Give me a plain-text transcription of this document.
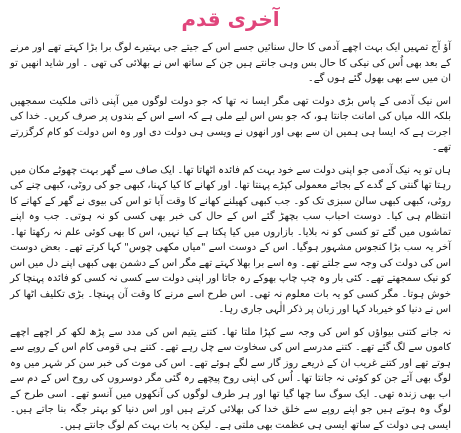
آخری قدم

آؤ آج تمہیں ایک بہت اچھے آدمی کا حال سنائیں جسے اس کے جیتے جی بہتیرے لوگ برا بڑا کہتے تھے اور مرنے کے بعد بھی اُس کی نیکی کا حال بس وہی جانتے ہیں جن کے ساتھ اس نے بھلائی کی تھی ۔ اور شاید انھیں تو ان میں سے بھی بھول گئے ہوں گے۔

اس نیک آدمی کے پاس بڑی دولت تھی مگر ایسا نہ تھا کہ جو دولت لوگوں میں آپنی ذاتی ملکیت سمجھیں بلکہ اللہ میاں کی امانت جانتا ہو، کہ جو بس اس لیے ملی ہے کہ اسے اس کے بندوں پر صرف کریں۔ خدا کی اجرت ہے کہ ایسا ہی ہمیں ان سے بھی اور انھوں نے ویسی ہی دولت دی اور وہ اس دولت کو کام کرگزرتے تھے۔

ہاں تو یہ نیک آدمی جو اپنی دولت سے خود بہت کم فائدہ اٹھاتا تھا۔ ایک صاف سے گھر بہت چھوٹے مکان میں رہتا تھا گنتی کے گدے کے بجائے معمولی کپڑے پہنتا تھا۔ اور کھانے کا کیا کہنا، کبھی جو کی روٹی، کبھی چنے کی روٹی، کبھی کبھی سالن سبزی تک کو۔ جب کبھی کھیلنے کھانے کا وقت آیا تو اس کی بیوی نے گھر کے کھانے کا انتظام ہی کیا۔ دوست احباب سب بچھڑ گئے اس کے حال کی خبر بھی کسی کو نہ ہوتی۔ جب وہ اپنے تماشوں میں گئے تو کسی کو نہ بلایا۔ بازاروں میں کیا پکتا ہے کیا نہیں، اس کا بھی کوئی علم نہ رکھتا تھا۔ آخر یہ سب بڑا کنجوس مشہور ہوگیا۔ اس کے دوست اسے "میاں مکھی چوس" کہا کرتے تھے۔ بعض دوست اس کی دولت کی وجہ سے جلتے تھے۔ وہ اسے برا بھلا کہتے تھے مگر اس کے دشمن بھی کبھی اپنے دل میں اس کو نیک سمجھتے تھے۔ کئی بار وہ چپ چاپ بھوکے رہ جاتا اور اپنی دولت سے کسی نہ کسی کو فائدہ پہنچا کر خوش ہوتا۔ مگر کسی کو یہ بات معلوم نہ تھی۔ اس طرح اسے مرنے کا وقت آن پہنچا۔ بڑی تکلیف اٹھا کر اس نے دنیا کو خیرباد کہا اور زبان پر ذکر الٰہی جاری رہا۔

نہ جانے کتنی بیواؤں کو اس کی وجہ سے کپڑا ملتا تھا۔ کتنے یتیم اس کی مدد سے پڑھ لکھ کر اچھے اچھے کاموں سے لگ گئے تھے۔ کتنے مدرسے اس کی سخاوت سے چل رہے تھے۔ کتنے ہی قومی کام اس کے روپے سے ہوتے تھے اور کتنے غریب ان کے ذریعے روز گار سے لگے ہوئے تھے۔ اس کی موت کی خبر سن کر شہر میں وہ لوگ بھی آئے جن کو کوئی نہ جانتا تھا۔ اُس کی اپنی روح پیچھے رہ گئی مگر دوسروں کی روح اس کے دم سے اب بھی زندہ تھی۔ ایک سوگ سا چھا گیا تھا اور ہر طرف لوگوں کی آنکھوں میں آنسو تھے۔ اسی طرح کے لوگ وہ ہوتے ہیں جو اپنے روپے سے خلق خدا کی بھلائی کرتے ہیں اور اس دنیا کو بہتر جگہ بنا جاتے ہیں۔ ایسی ہی دولت کے ساتھ ایسی ہی عظمت بھی ملتی ہے۔ لیکن یہ بات بہت کم لوگ جانتے ہیں۔
